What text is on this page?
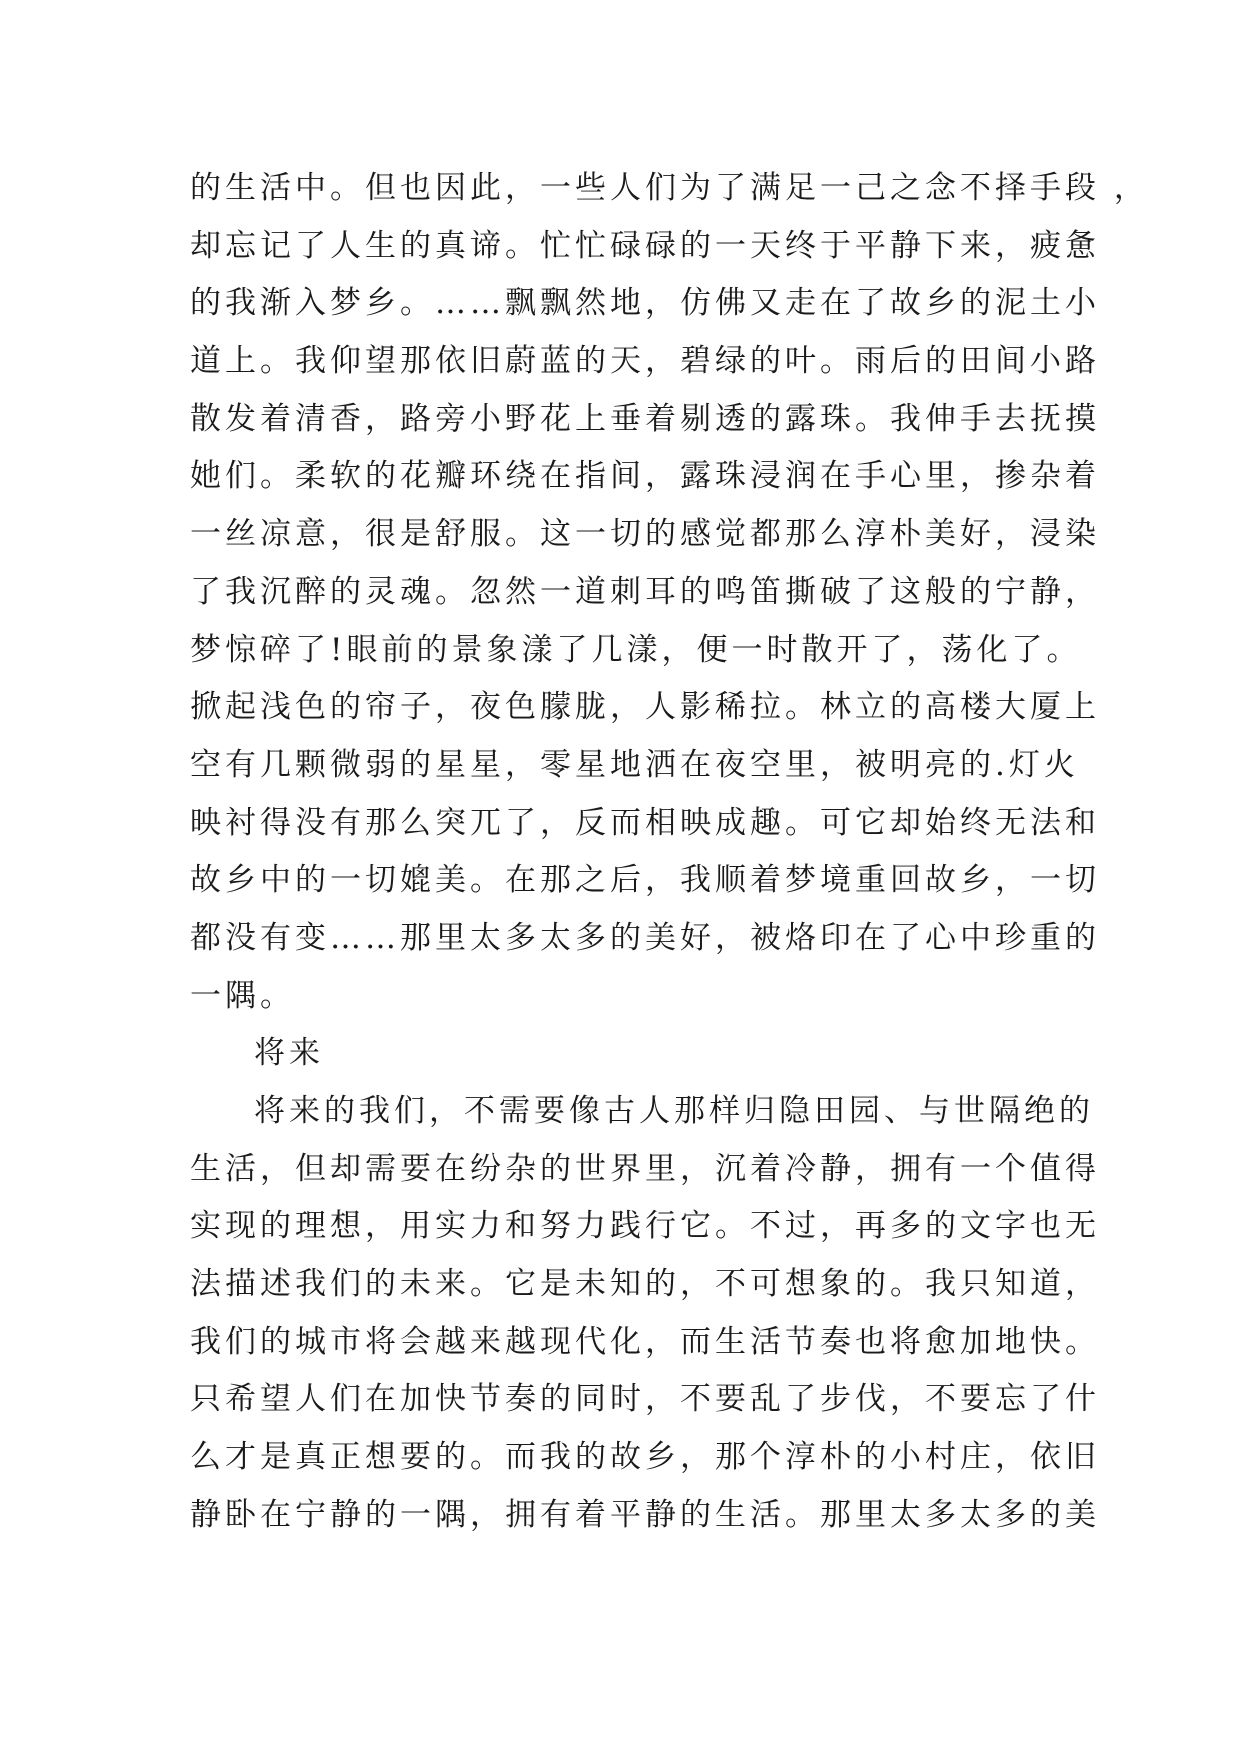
的生活中。但也因此，一些人们为了满足一己之念不择手段 ，
却忘记了人生的真谛。忙忙碌碌的一天终于平静下来，疲惫
的我渐入梦乡。……飘飘然地，仿佛又走在了故乡的泥土小
道上。我仰望那依旧蔚蓝的天，碧绿的叶。雨后的田间小路
散发着清香，路旁小野花上垂着剔透的露珠。我伸手去抚摸
她们。柔软的花瓣环绕在指间，露珠浸润在手心里，掺杂着
一丝凉意，很是舒服。这一切的感觉都那么淳朴美好，浸染
了我沉醉的灵魂。忽然一道刺耳的鸣笛撕破了这般的宁静，
梦惊碎了!眼前的景象漾了几漾，便一时散开了，荡化了。
掀起浅色的帘子，夜色朦胧，人影稀拉。林立的高楼大厦上
空有几颗微弱的星星，零星地洒在夜空里，被明亮的.灯火
映衬得没有那么突兀了，反而相映成趣。可它却始终无法和
故乡中的一切媲美。在那之后，我顺着梦境重回故乡，一切
都没有变……那里太多太多的美好，被烙印在了心中珍重的
一隅。
将来
将来的我们，不需要像古人那样归隐田园、与世隔绝的
生活，但却需要在纷杂的世界里，沉着冷静，拥有一个值得
实现的理想，用实力和努力践行它。不过，再多的文字也无
法描述我们的未来。它是未知的，不可想象的。我只知道，
我们的城市将会越来越现代化，而生活节奏也将愈加地快。
只希望人们在加快节奏的同时，不要乱了步伐，不要忘了什
么才是真正想要的。而我的故乡，那个淳朴的小村庄，依旧
静卧在宁静的一隅，拥有着平静的生活。那里太多太多的美
